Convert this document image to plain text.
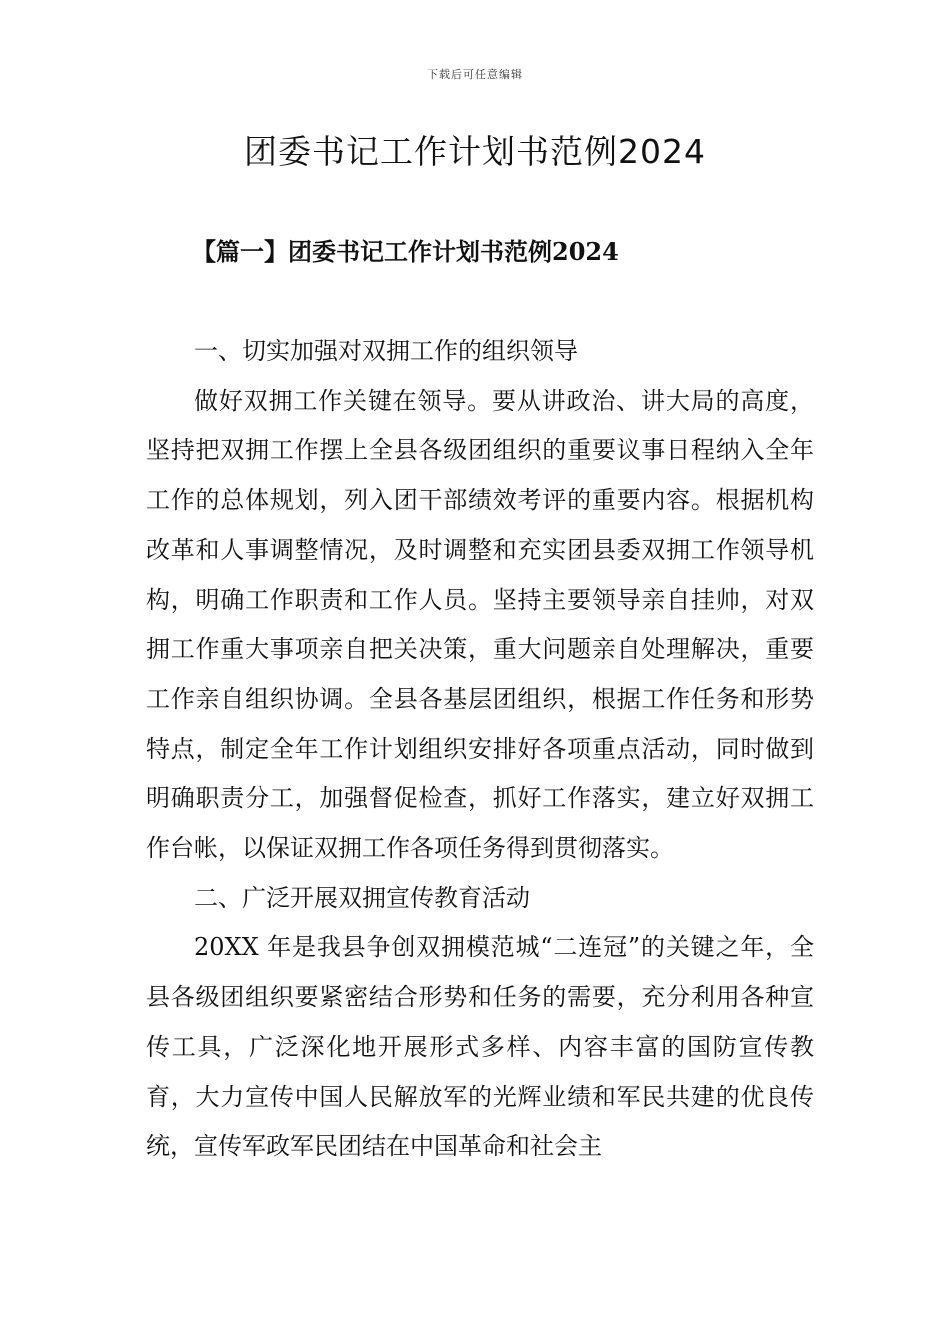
下载后可任意编辑
团委书记工作计划书范例2024
【篇一】团委书记工作计划书范例2024

一、切实加强对双拥工作的组织领导

做好双拥工作关键在领导。要从讲政治、讲大局的高度，坚持把双拥工作摆上全县各级团组织的重要议事日程纳入全年工作的总体规划，列入团干部绩效考评的重要内容。根据机构改革和人事调整情况，及时调整和充实团县委双拥工作领导机构，明确工作职责和工作人员。坚持主要领导亲自挂帅，对双拥工作重大事项亲自把关决策，重大问题亲自处理解决，重要工作亲自组织协调。全县各基层团组织，根据工作任务和形势特点，制定全年工作计划组织安排好各项重点活动，同时做到明确职责分工，加强督促检查，抓好工作落实，建立好双拥工作台帐，以保证双拥工作各项任务得到贯彻落实。

二、广泛开展双拥宣传教育活动

20XX 年是我县争创双拥模范城“二连冠”的关键之年，全县各级团组织要紧密结合形势和任务的需要，充分利用各种宣传工具，广泛深化地开展形式多样、内容丰富的国防宣传教育，大力宣传中国人民解放军的光辉业绩和军民共建的优良传统，宣传军政军民团结在中国革命和社会主
